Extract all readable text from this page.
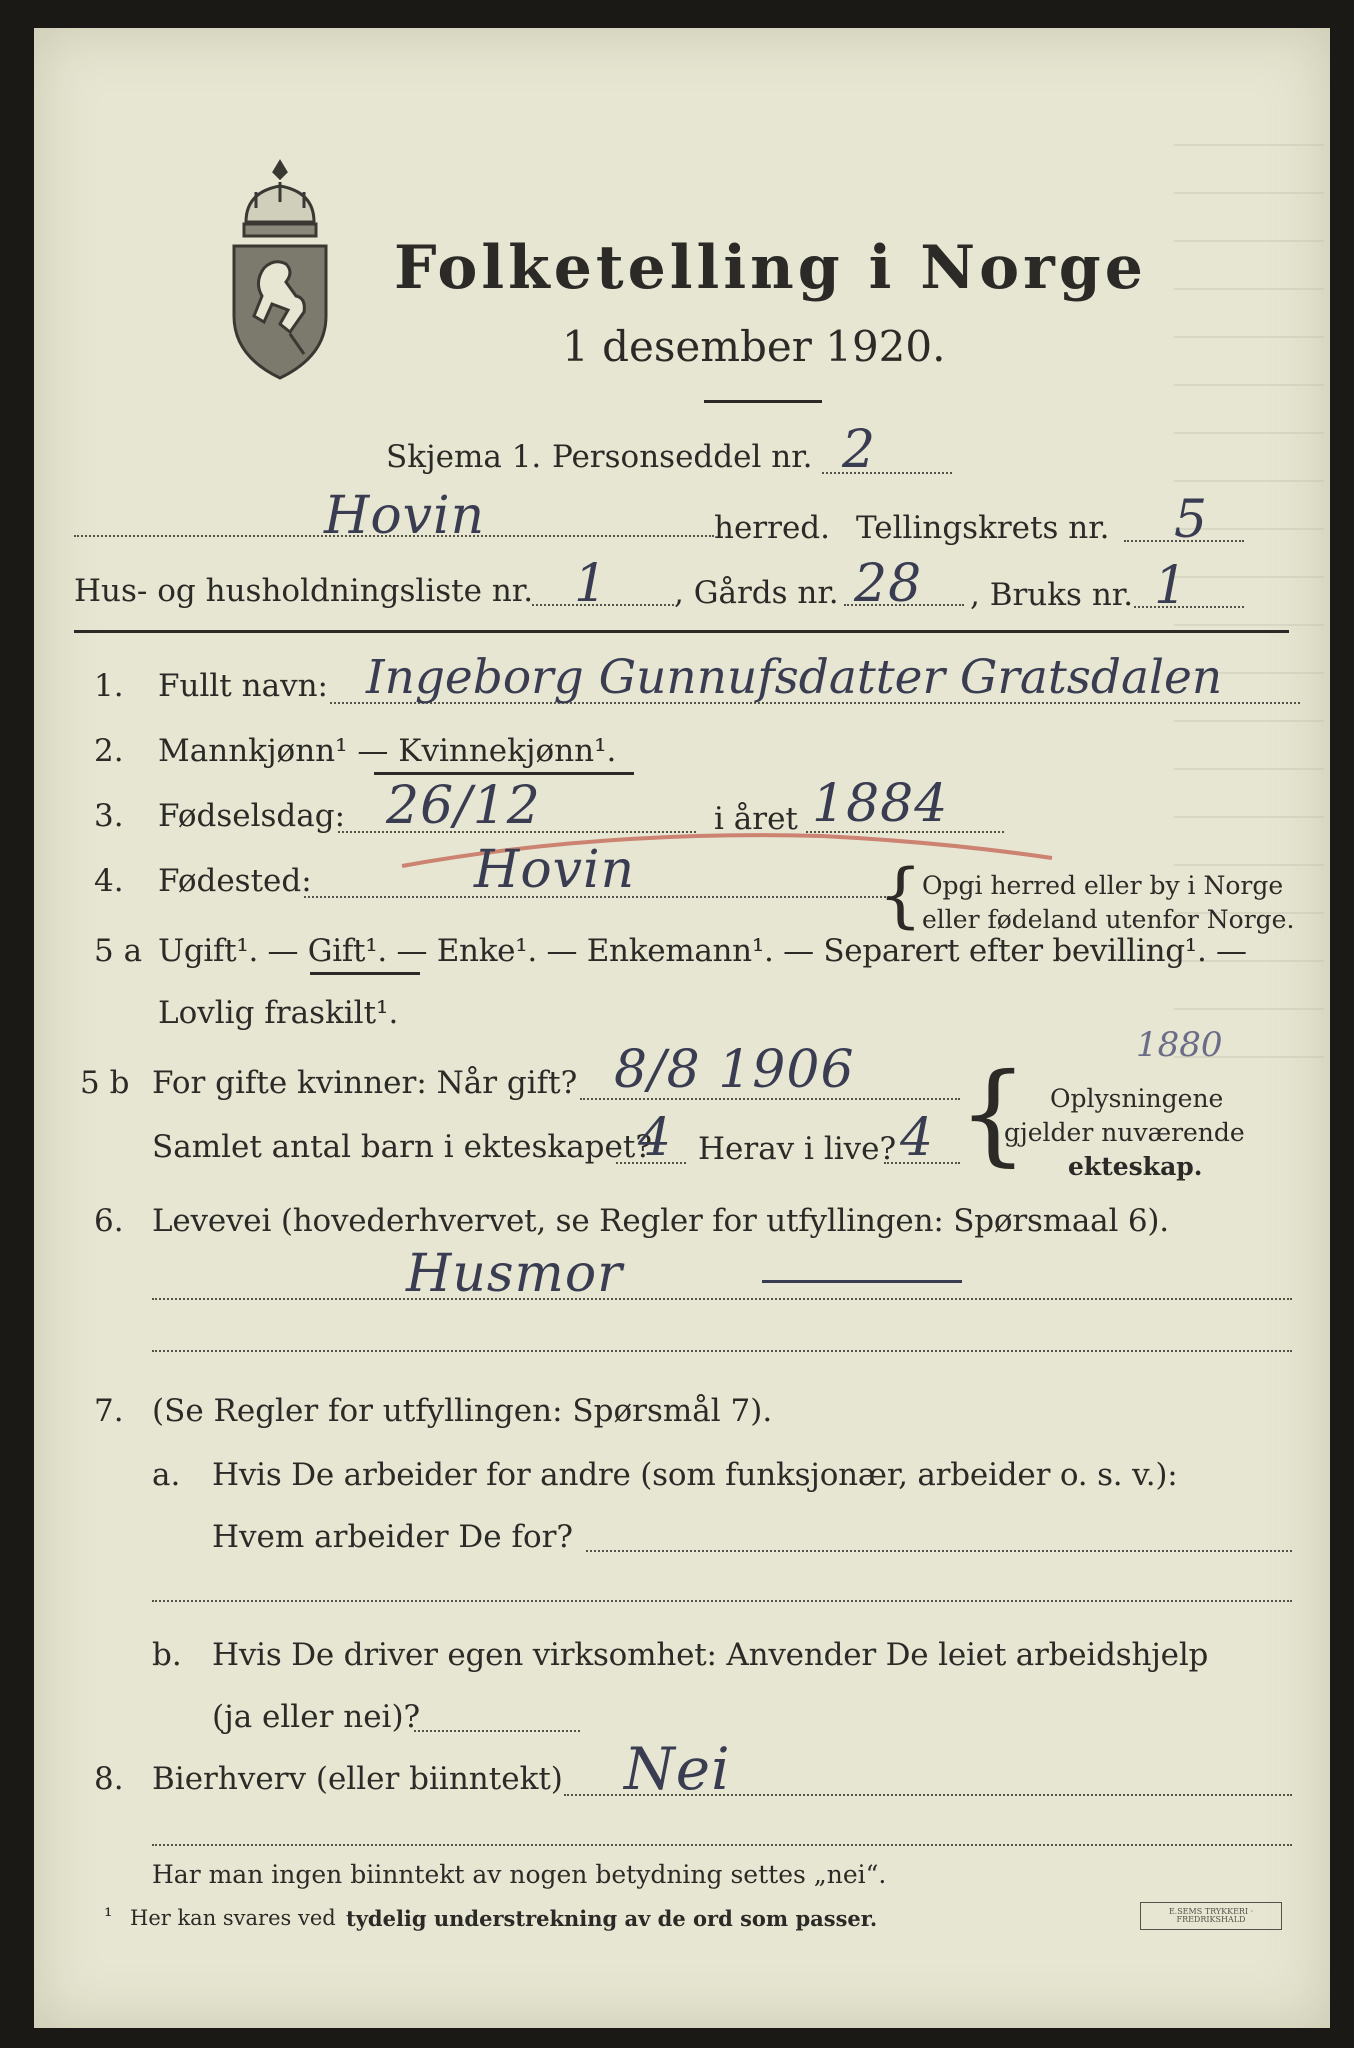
Folketelling i Norge
1 desember 1920.
Skjema 1. Personseddel nr. 2
Hovin	herred. Tellingskrets nr. 5
Hus- og husholdningsliste nr. 1 , Gårds nr. 28 , Bruks nr. 1
1. Fullt navn: Ingeborg Gunnufsdatter Gratsdalen
2. Mannkjønn¹ — Kvinnekjønn¹.
3. Fødselsdag: 26/12	i året 1884
4. Fødested:	Hovin	{ Opgi herred eller by i Norge
eller fødeland utenfor Norge.
5 a Ugift¹. — Gift¹. — Enke¹. — Enkemann¹. — Separert efter bevilling¹. —
Lovlig fraskilt¹.
5 b For gifte kvinner: Når gift? 8/8 1906	1880
Samlet antal barn i ekteskapet?
4 Herav i live? 4 { Oplysningene
gjelder nuværende
ekteskap.
6. Levevei (hovederhvervet, se Regler for utfyllingen: Spørsmaal 6).
Husmor
7. (Se Regler for utfyllingen: Spørsmål 7).
a. Hvis De arbeider for andre (som funksjonær, arbeider o. s. v.):
Hvem arbeider De for?
b. Hvis De driver egen virksomhet: Anvender De leiet arbeidshjelp
(ja eller nei)?
8. Bierhverv (eller biinntekt) Nei
Har man ingen biinntekt av nogen betydning settes „nei“.
¹ Her kan svares ved tydelig understrekning av de ord som passer.	E.SEMS TRYKKERI · FREDRIKSHALD
